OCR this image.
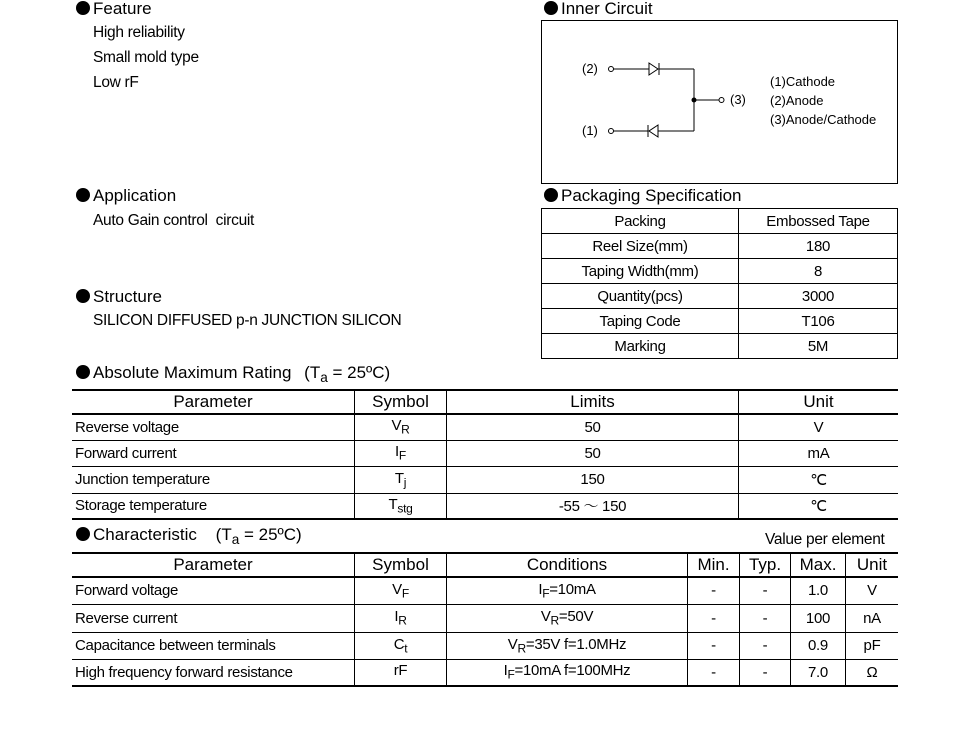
Feature
High reliability
Small mold type
Low rF
Inner Circuit
(2)
(1)
(3)
(1)Cathode
(2)Anode
(3)Anode/Cathode
Application
Auto Gain control  circuit
Packaging Specification
Packing	Embossed Tape
Reel Size(mm)	180
Taping Width(mm)	8
Quantity(pcs)	3000
Taping Code	T106
Marking	5M
Structure
SILICON DIFFUSED p-n JUNCTION SILICON
Absolute Maximum Rating ($T_a$ = 25ºC)
Parameter	Symbol	Limits	Unit
Reverse voltage	$V_R$	50	V
Forward current	$I_F$	50	mA
Junction temperature	$T_j$	150	℃
Storage temperature	$T_{stg}$	-55 ～ 150	℃
Characteristic ($T_a$ = 25ºC)	Value per element
Parameter	Symbol	Conditions	Min.	Typ.	Max.	Unit
Forward voltage	$V_F$	$I_F=10mA$	-	-	1.0	V
Reverse current	$I_R$	$V_R=50V$	-	-	100	nA
Capacitance between terminals	$C_t$	$V_R=35V$ f=1.0MHz	-	-	0.9	pF
High frequency forward resistance	rF	$I_F=10mA$ f=100MHz	-	-	7.0	Ω
